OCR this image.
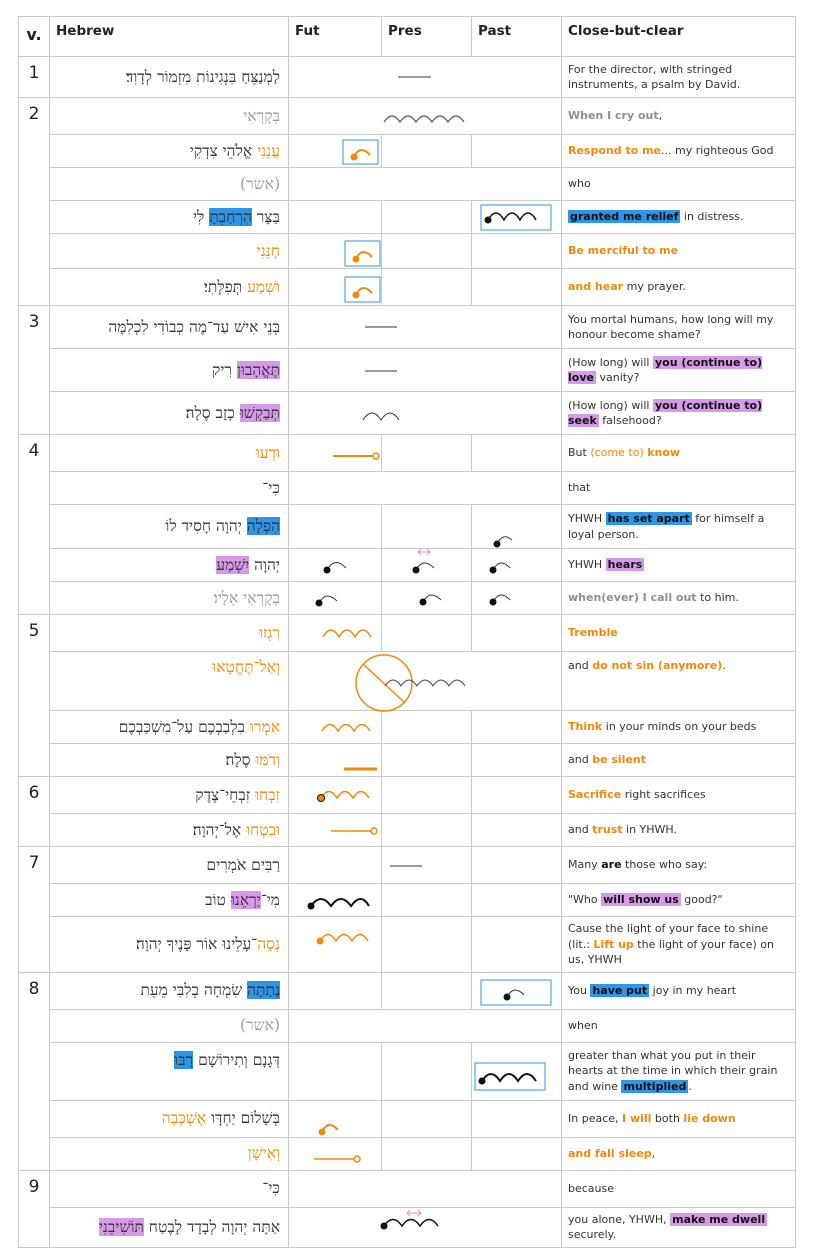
v.	Hebrew	Fut	Pres	Past	Close-but-clear
1	לַמְנַצֵּחַ בִּנְגִינוֹת מִזְמוֹר לְדָוִד׃				For the director, with stringed instruments, a psalm by David.
2	בְּקָרְאִי				When I cry out,
	עֲנֵנִי אֱלֹהֵי צִדְקִי				Respond to me... my righteous God
	(אשר)				who
	בַּצָּר הִרְחַבְתָּ לִּי				granted me relief in distress.
	חָנֵּנִי				Be merciful to me
	וּשְׁמַע תְּפִלָּתִי׃				and hear my prayer.
3	בְּנֵי אִישׁ עַד־מֶה כְבוֹדִי לִכְלִמָּה				You mortal humans, how long will my honour become shame?
	תֶּאֱהָבוּן רִיק				(How long) will you (continue to) love vanity?
	תְּבַקְשׁוּ כָזָב סֶלָה׃				(How long) will you (continue to) seek falsehood?
4	וּדְעוּ				But (come to) know
	כִּי־				that
	הִפְלָה יְהוָה חָסִיד לוֹ				YHWH has set apart for himself a loyal person.
	יְהוָה יִשְׁמַע				YHWH hears
	בְּקָרְאִי אֵלָיו׃				when(ever) I call out to him.
5	רִגְזוּ				Tremble
	וְאַל־תֶּחֱטָאוּ				and do not sin (anymore).
	אִמְרוּ בִלְבַבְכֶם עַל־מִשְׁכַּבְכֶם				Think in your minds on your beds
	וְדֹמּוּ סֶלָה׃				and be silent
6	זִבְחוּ זִבְחֵי־צֶדֶק				Sacrifice right sacrifices
	וּבִטְחוּ אֶל־יְהוָה׃				and trust in YHWH.
7	רַבִּים אֹמְרִים				Many are those who say:
	מִי־יַרְאֵנוּ טוֹב				"Who will show us good?"
	נְסָה־עָלֵינוּ אוֹר פָּנֶיךָ יְהוָה׃				Cause the light of your face to shine (lit.: Lift up the light of your face) on us, YHWH
8	נָתַתָּה שִׂמְחָה בְלִבִּי מֵעֵת				You have put joy in my heart
	(אשר)				when
	דְּגָנָם וְתִירוֹשָׁם רָבּוּ				greater than what you put in their hearts at the time in which their grain and wine multiplied .
	בְּשָׁלוֹם יַחְדָּו אֶשְׁכְּבָה				In peace, I will both lie down
	וְאִישָׁן				and fall sleep,
9	כִּי־				because
	אַתָּה יְהוָה לְבָדָד לָבֶטַח תּוֹשִׁיבֵנִי				you alone, YHWH, make me dwell securely.
